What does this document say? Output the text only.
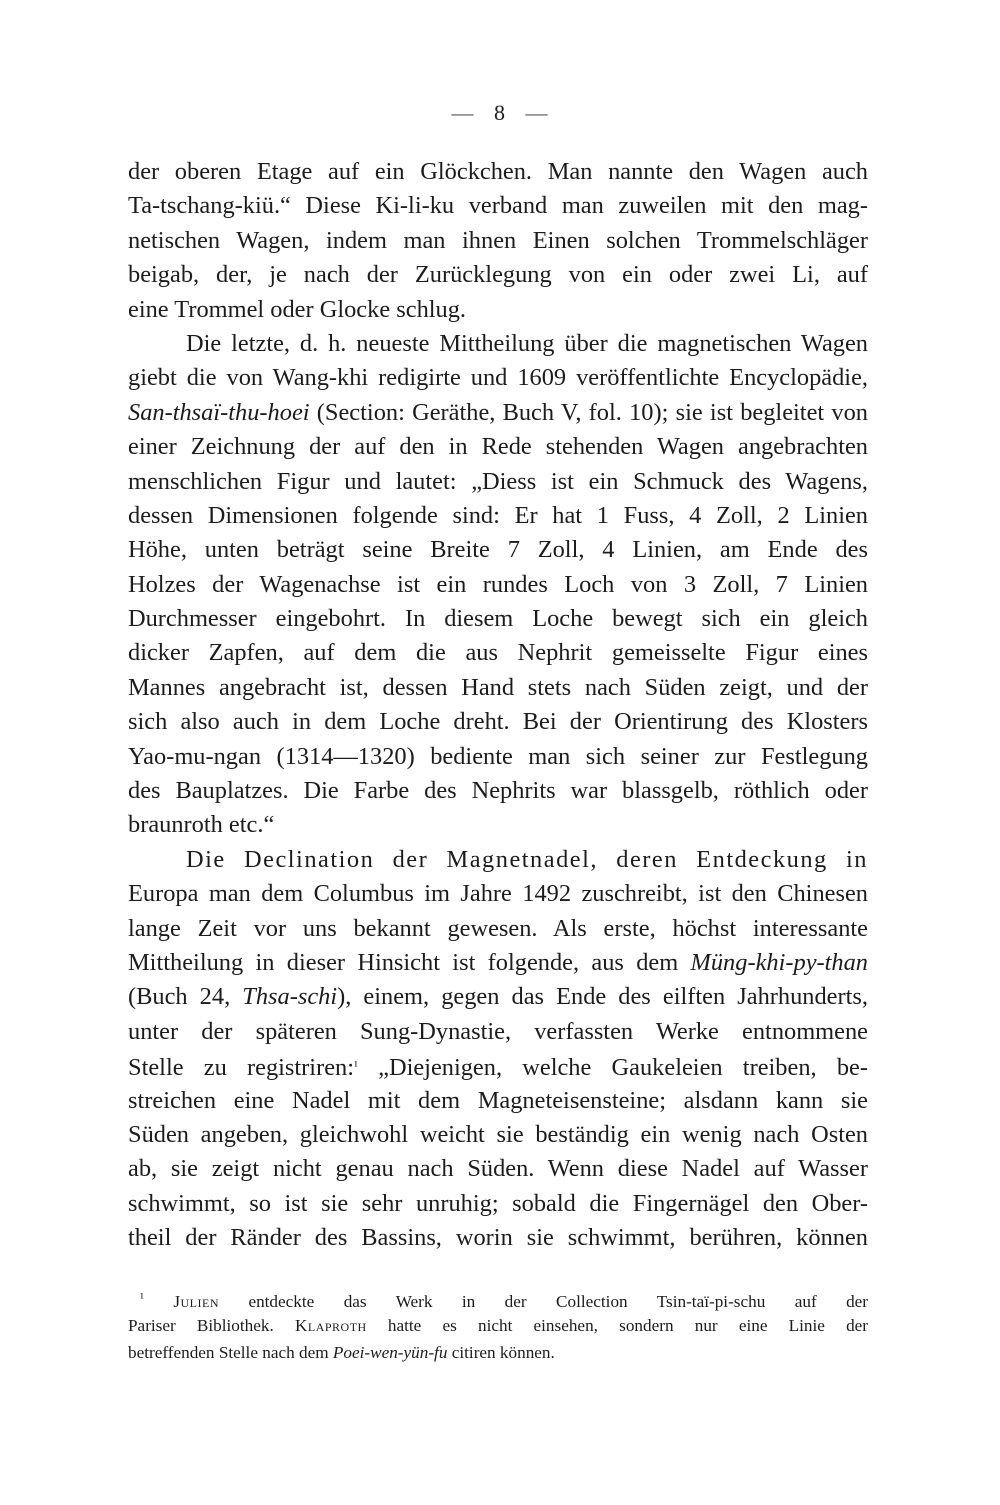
— 8 —
der oberen Etage auf ein Glöckchen. Man nannte den Wagen auch
Ta-tschang-kiü.“ Diese Ki-li-ku verband man zuweilen mit den mag-
netischen Wagen, indem man ihnen Einen solchen Trommelschläger
beigab, der, je nach der Zurücklegung von ein oder zwei Li, auf
eine Trommel oder Glocke schlug.
Die letzte, d. h. neueste Mittheilung über die magnetischen Wagen
giebt die von Wang-khi redigirte und 1609 veröffentlichte Encyclopädie,
San-thsaï-thu-hoei (Section: Geräthe, Buch V, fol. 10); sie ist begleitet von
einer Zeichnung der auf den in Rede stehenden Wagen angebrachten
menschlichen Figur und lautet: „Diess ist ein Schmuck des Wagens,
dessen Dimensionen folgende sind: Er hat 1 Fuss, 4 Zoll, 2 Linien
Höhe, unten beträgt seine Breite 7 Zoll, 4 Linien, am Ende des
Holzes der Wagenachse ist ein rundes Loch von 3 Zoll, 7 Linien
Durchmesser eingebohrt. In diesem Loche bewegt sich ein gleich
dicker Zapfen, auf dem die aus Nephrit gemeisselte Figur eines
Mannes angebracht ist, dessen Hand stets nach Süden zeigt, und der
sich also auch in dem Loche dreht. Bei der Orientirung des Klosters
Yao-mu-ngan (1314—1320) bediente man sich seiner zur Festlegung
des Bauplatzes. Die Farbe des Nephrits war blassgelb, röthlich oder
braunroth etc.“
Die Declination der Magnetnadel, deren Entdeckung in
Europa man dem Columbus im Jahre 1492 zuschreibt, ist den Chinesen
lange Zeit vor uns bekannt gewesen. Als erste, höchst interessante
Mittheilung in dieser Hinsicht ist folgende, aus dem Müng-khi-py-than
(Buch 24, Thsa-schi), einem, gegen das Ende des eilften Jahrhunderts,
unter der späteren Sung-Dynastie, verfassten Werke entnommene
Stelle zu registriren:$^{^1}$ „Diejenigen, welche Gaukeleien treiben, be-
streichen eine Nadel mit dem Magneteisensteine; alsdann kann sie
Süden angeben, gleichwohl weicht sie beständig ein wenig nach Osten
ab, sie zeigt nicht genau nach Süden. Wenn diese Nadel auf Wasser
schwimmt, so ist sie sehr unruhig; sobald die Fingernägel den Ober-
theil der Ränder des Bassins, worin sie schwimmt, berühren, können
$^{^1}$ Julien entdeckte das Werk in der Collection Tsin-taï-pi-schu auf der
Pariser Bibliothek. Klaproth hatte es nicht einsehen, sondern nur eine Linie der
betreffenden Stelle nach dem Poei-wen-yün-fu citiren können.
